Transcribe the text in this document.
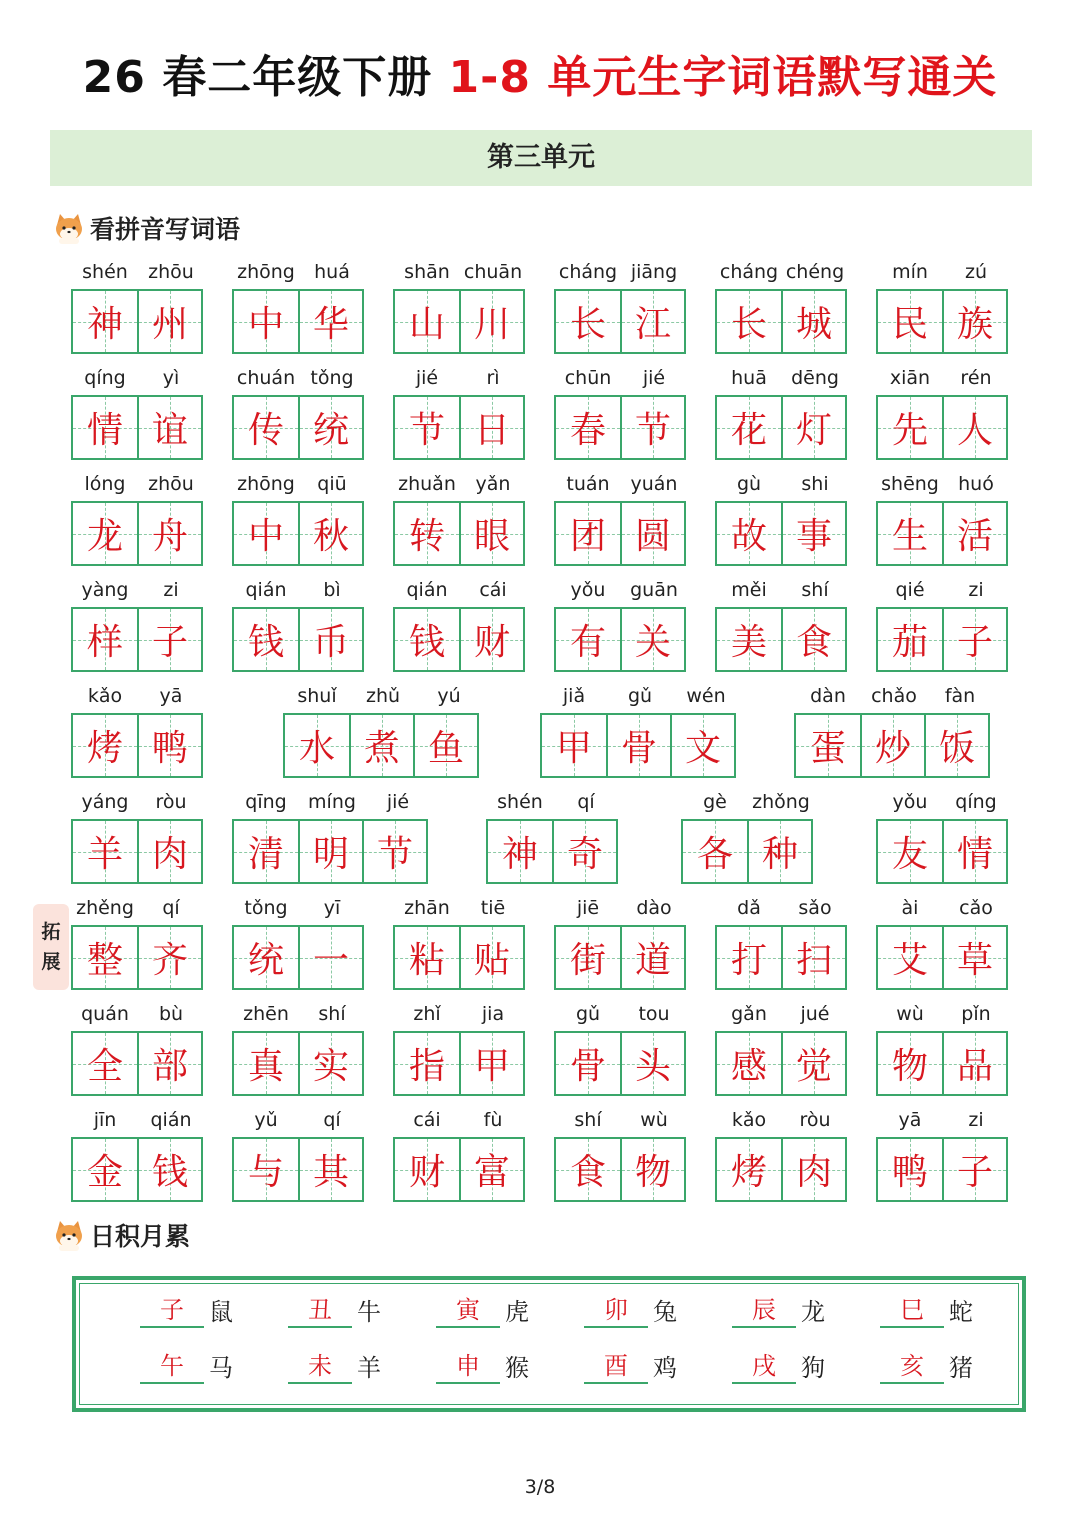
26 春二年级下册 1-8 单元生字词语默写通关
第三单元
看拼音写词语
shén	zhōu
神 州
zhōng	huá
中 华
shān chuān
山 川
cháng jiāng
长 江
cháng chéng
长 城
mín	zú
民 族
qíng	yì
情 谊
chuán tǒng
传 统
jié	rì
节 日
chūn	jié
春 节
huā	dēng
花 灯
xiān	rén
先 人
lóng	zhōu
龙 舟
zhōng	qiū
中 秋
zhuǎn	yǎn
转 眼
tuán	yuán
团 圆
gù	shi
故 事
shēng	huó
生 活
yàng	zi
样 子
qián	bì
钱 币
qián	cái
钱 财
yǒu	guān
有 关
měi	shí
美 食
qié	zi
茄 子
kǎo	yā
烤 鸭
shuǐ	zhǔ	yú
水 煮 鱼
jiǎ	gǔ	wén
甲 骨 文
dàn	chǎo	fàn
蛋 炒 饭
yáng	ròu
羊 肉
qīng	míng	jié
清 明 节
shén	qí
神 奇
gè	zhǒng
各 种
yǒu	qíng
友 情
zhěng	qí
整 齐
tǒng	yī
统 一
zhān	tiē
粘 贴
jiē	dào
街 道
dǎ	sǎo
打 扫
ài	cǎo
艾 草
quán	bù
全 部
zhēn	shí
真 实
zhǐ	jia
指 甲
gǔ	tou
骨 头
gǎn	jué
感 觉
wù	pǐn
物 品
jīn	qián
金 钱
yǔ	qí
与 其
cái	fù
财 富
shí	wù
食 物
kǎo	ròu
烤 肉
yā	zi
鸭 子
拓
展
日积月累
子	鼠	丑	牛	寅	虎	卯	兔	辰	龙	巳	蛇
午	马	未	羊	申	猴	酉	鸡	戌	狗	亥	猪
3/8
